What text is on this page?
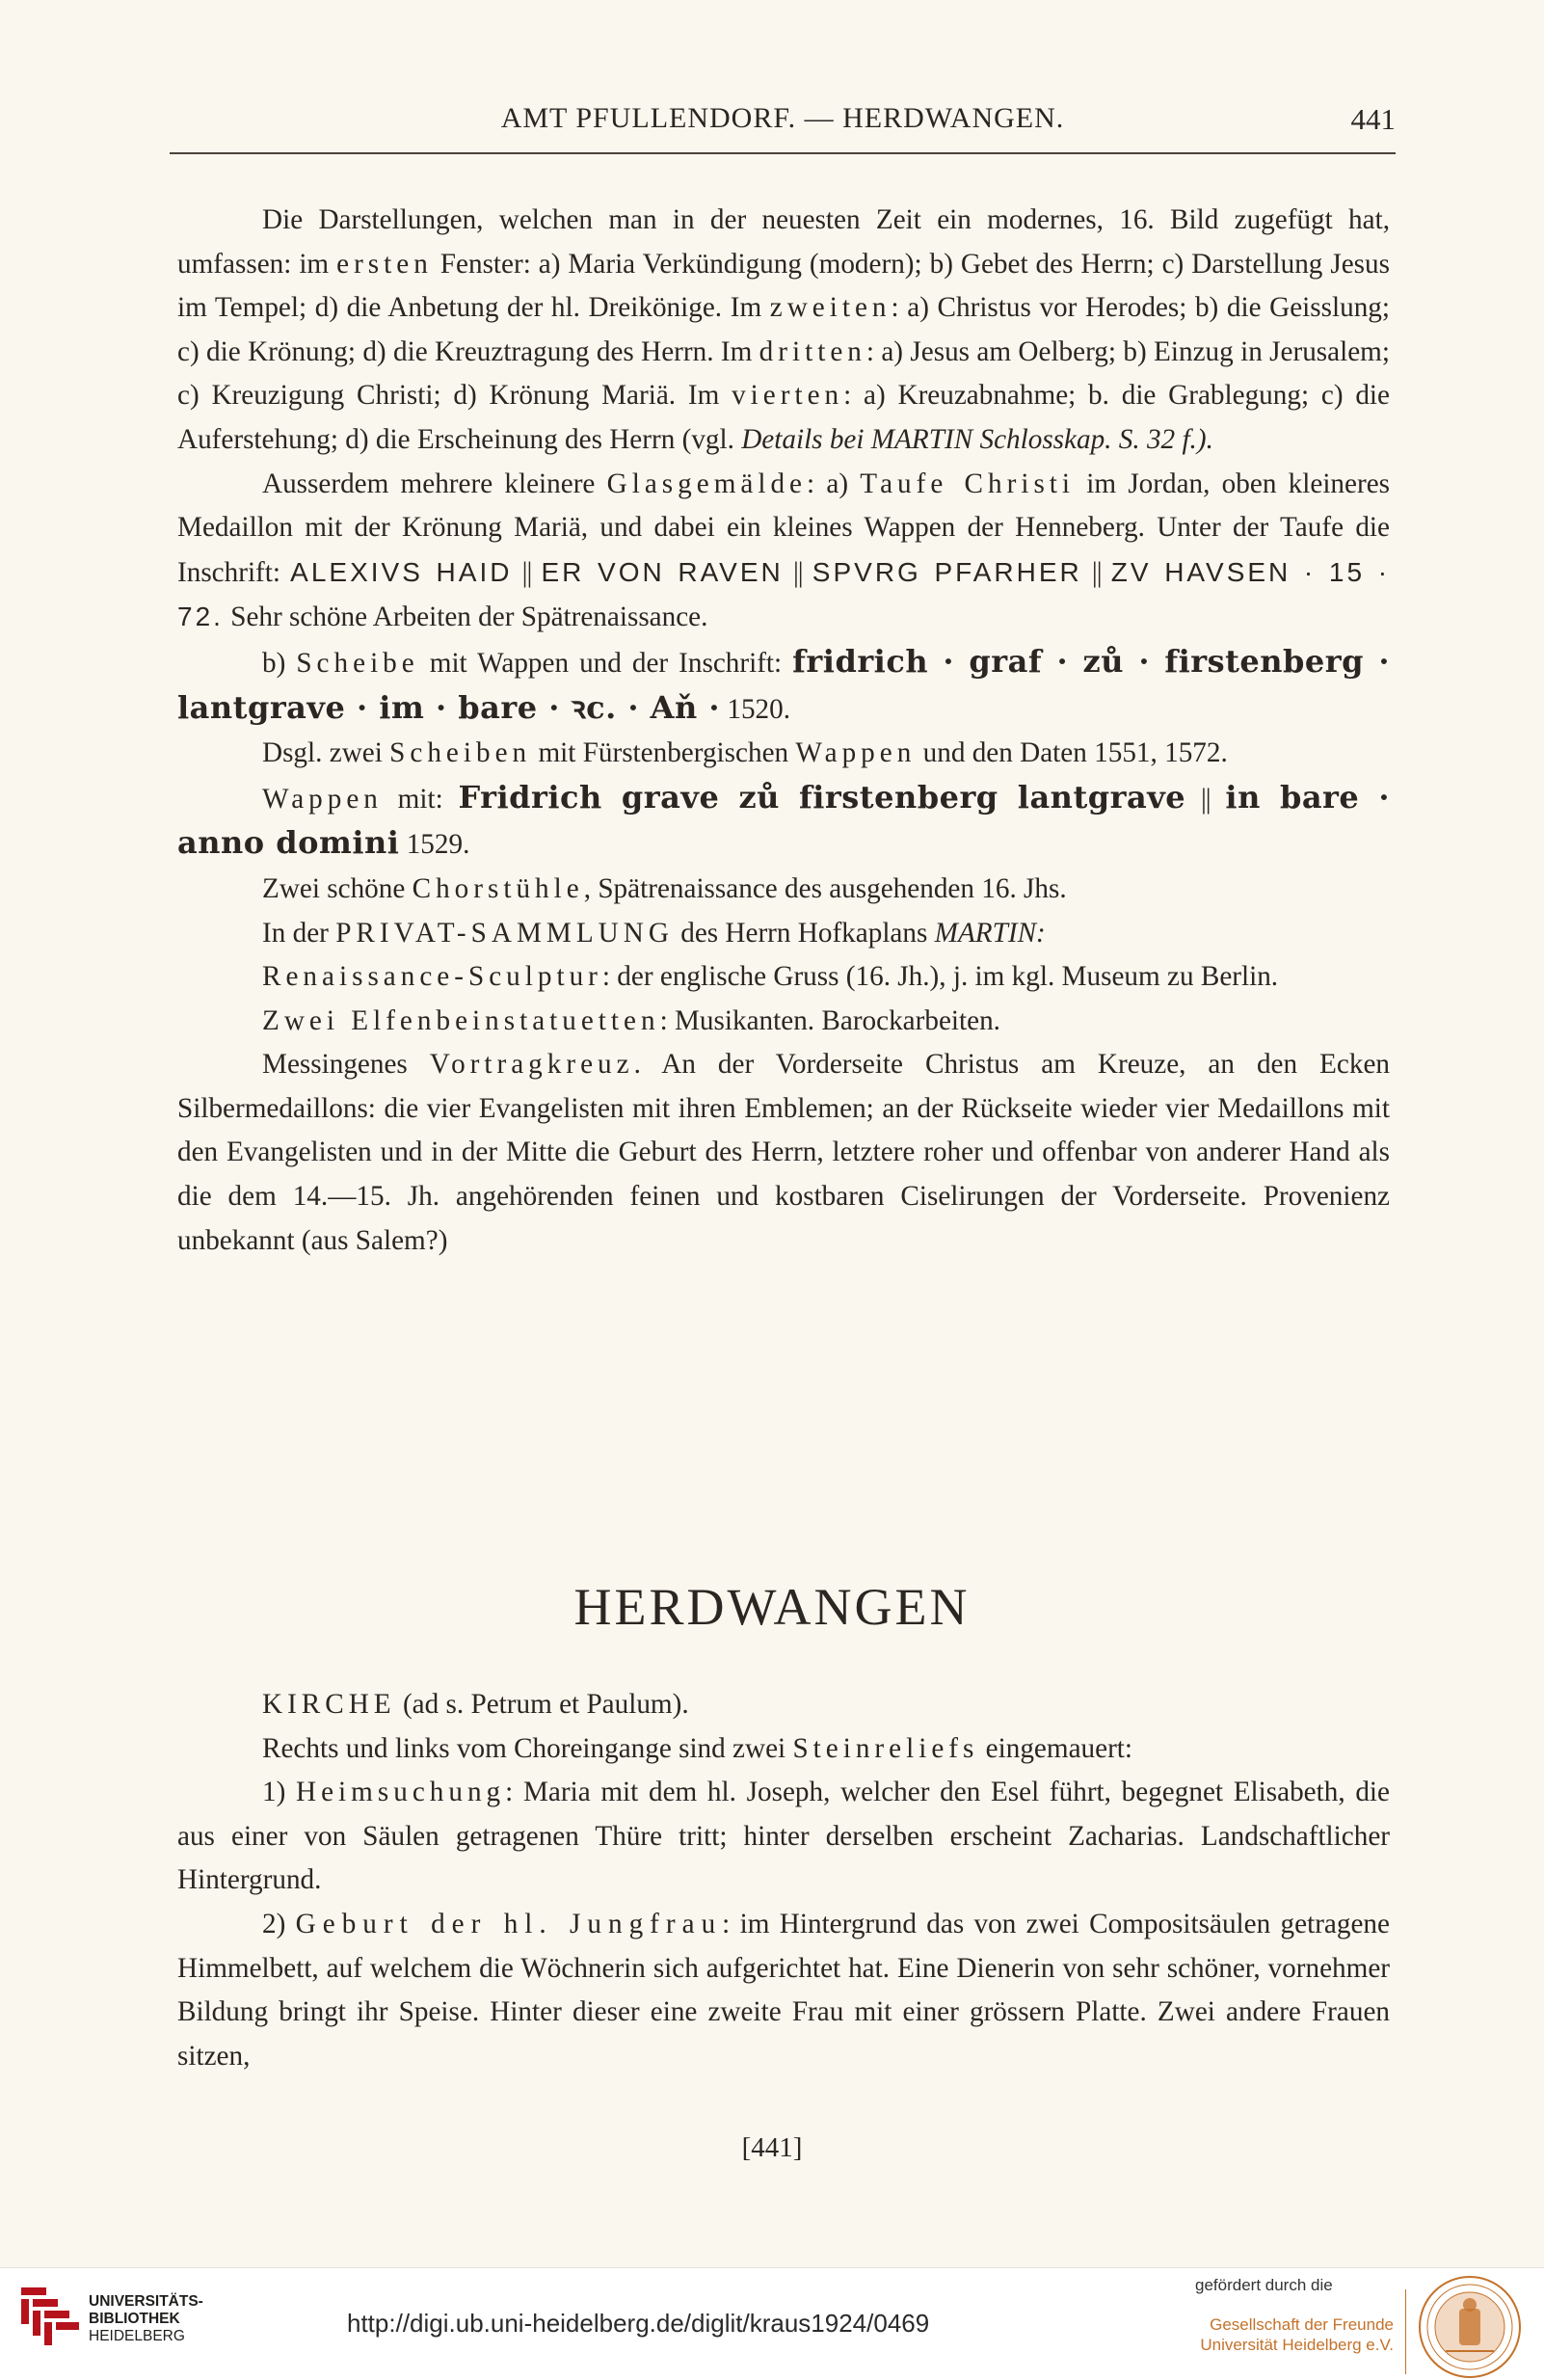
AMT PFULLENDORF. — HERDWANGEN.	441

Die Darstellungen, welchen man in der neuesten Zeit ein modernes, 16. Bild zugefügt hat, umfassen: im ersten Fenster: a) Maria Verkündigung (modern); b) Gebet des Herrn; c) Darstellung Jesus im Tempel; d) die Anbetung der hl. Dreikönige. Im zweiten: a) Christus vor Herodes; b) die Geisslung; c) die Krönung; d) die Kreuztragung des Herrn. Im dritten: a) Jesus am Oelberg; b) Einzug in Jerusalem; c) Kreuzigung Christi; d) Krönung Mariä. Im vierten: a) Kreuzabnahme; b. die Grablegung; c) die Auferstehung; d) die Erscheinung des Herrn (vgl. Details bei MARTIN Schlosskap. S. 32 f.).

Ausserdem mehrere kleinere Glasgemälde: a) Taufe Christi im Jordan, oben kleineres Medaillon mit der Krönung Mariä, und dabei ein kleines Wappen der Henneberg. Unter der Taufe die Inschrift: ALEXIVS HAID || ER VON RAVEN || SPVRG PFARHER || ZV HAVSEN · 15 · 72. Sehr schöne Arbeiten der Spätrenaissance.

b) Scheibe mit Wappen und der Inschrift: fridrich · graf · zů · firstenberg · lantgrave · im · bare · ꝛc. · Aň · 1520.

Dsgl. zwei Scheiben mit Fürstenbergischen Wappen und den Daten 1551, 1572.

Wappen mit: Fridrich grave zů firstenberg lantgrave || in bare · anno domini 1529.

Zwei schöne Chorstühle, Spätrenaissance des ausgehenden 16. Jhs.

In der PRIVAT-SAMMLUNG des Herrn Hofkaplans MARTIN:

Renaissance-Sculptur: der englische Gruss (16. Jh.), j. im kgl. Museum zu Berlin.

Zwei Elfenbeinstatuetten: Musikanten. Barockarbeiten.

Messingenes Vortragkreuz. An der Vorderseite Christus am Kreuze, an den Ecken Silbermedaillons: die vier Evangelisten mit ihren Emblemen; an der Rückseite wieder vier Medaillons mit den Evangelisten und in der Mitte die Geburt des Herrn, letztere roher und offenbar von anderer Hand als die dem 14.—15. Jh. angehörenden feinen und kostbaren Ciselirungen der Vorderseite. Provenienz unbekannt (aus Salem?)

HERDWANGEN

KIRCHE (ad s. Petrum et Paulum).

Rechts und links vom Choreingange sind zwei Steinreliefs eingemauert:

1) Heimsuchung: Maria mit dem hl. Joseph, welcher den Esel führt, begegnet Elisabeth, die aus einer von Säulen getragenen Thüre tritt; hinter derselben erscheint Zacharias. Landschaftlicher Hintergrund.

2) Geburt der hl. Jungfrau: im Hintergrund das von zwei Compositsäulen getragene Himmelbett, auf welchem die Wöchnerin sich aufgerichtet hat. Eine Dienerin von sehr schöner, vornehmer Bildung bringt ihr Speise. Hinter dieser eine zweite Frau mit einer grössern Platte. Zwei andere Frauen sitzen,

[441]
UNIVERSITÄTS-
BIBLIOTHEK
HEIDELBERG	http://digi.ub.uni-heidelberg.de/diglit/kraus1924/0469
gefördert durch die
Gesellschaft der Freunde
Universität Heidelberg e.V.
